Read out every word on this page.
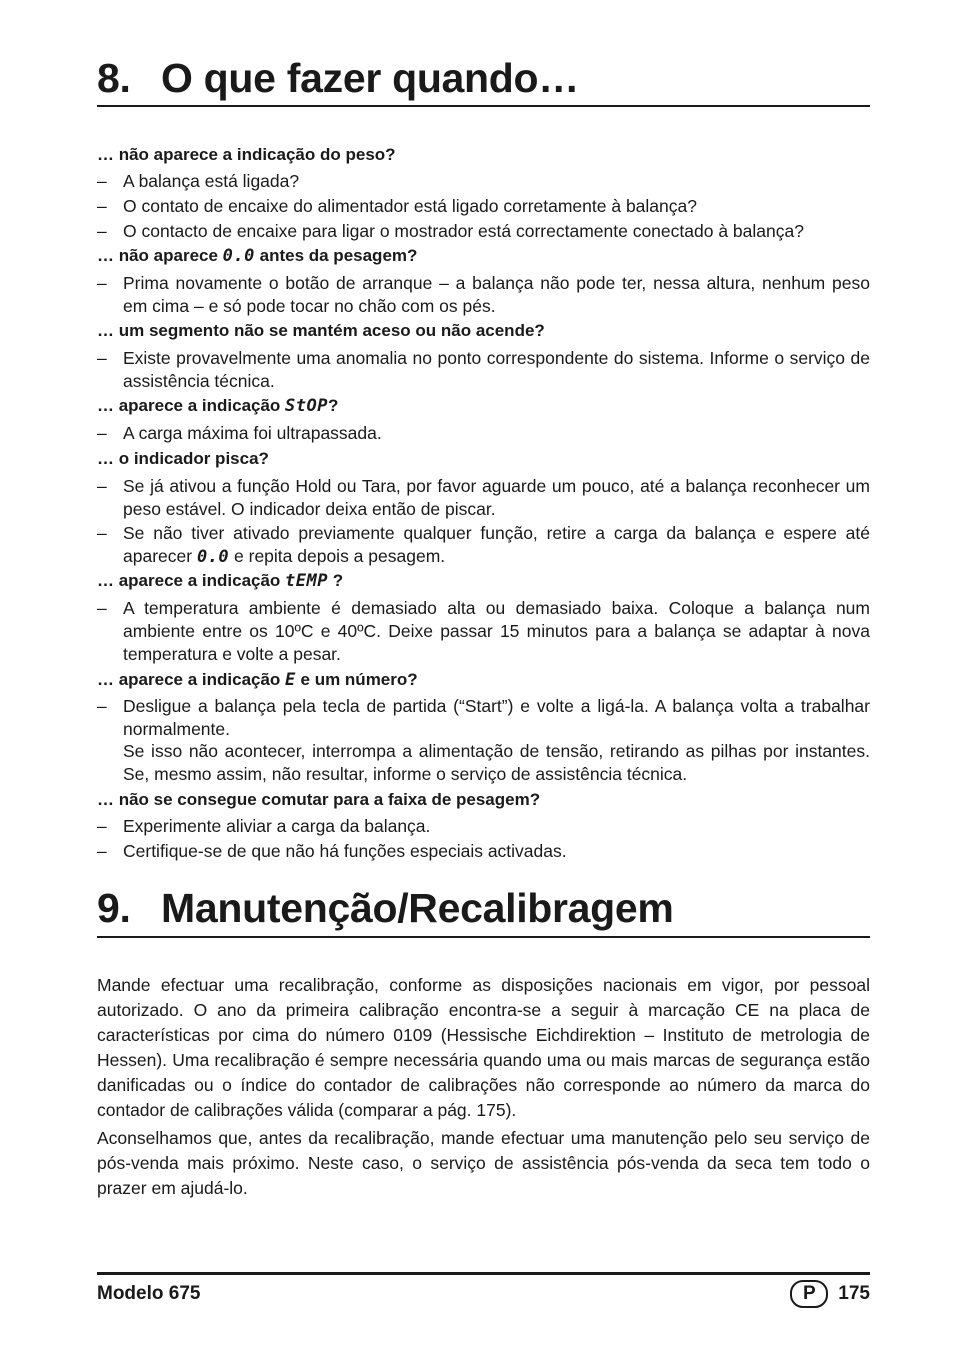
8. O que fazer quando…
… não aparece a indicação do peso?
– A balança está ligada?
– O contato de encaixe do alimentador está ligado corretamente à balança?
– O contacto de encaixe para ligar o mostrador está correctamente conectado à balança?
… não aparece 0.0 antes da pesagem?
– Prima novamente o botão de arranque – a balança não pode ter, nessa altura, nenhum peso em cima – e só pode tocar no chão com os pés.
… um segmento não se mantém aceso ou não acende?
– Existe provavelmente uma anomalia no ponto correspondente do sistema. Informe o serviço de assistência técnica.
… aparece a indicação StOP?
– A carga máxima foi ultrapassada.
… o indicador pisca?
– Se já ativou a função Hold ou Tara, por favor aguarde um pouco, até a balança reconhecer um peso estável. O indicador deixa então de piscar.
– Se não tiver ativado previamente qualquer função, retire a carga da balança e espere até aparecer 0.0 e repita depois a pesagem.
… aparece a indicação tEMP ?
– A temperatura ambiente é demasiado alta ou demasiado baixa. Coloque a balança num ambiente entre os 10ºC e 40ºC. Deixe passar 15 minutos para a balança se adaptar à nova temperatura e volte a pesar.
… aparece a indicação E e um número?
– Desligue a balança pela tecla de partida (“Start”) e volte a ligá-la. A balança volta a trabalhar normalmente.
Se isso não acontecer, interrompa a alimentação de tensão, retirando as pilhas por instantes. Se, mesmo assim, não resultar, informe o serviço de assistência técnica.
… não se consegue comutar para a faixa de pesagem?
– Experimente aliviar a carga da balança.
– Certifique-se de que não há funções especiais activadas.
9. Manutenção/Recalibragem
Mande efectuar uma recalibração, conforme as disposições nacionais em vigor, por pessoal autorizado. O ano da primeira calibração encontra-se a seguir à marcação CE na placa de características por cima do número 0109 (Hessische Eichdirektion – Instituto de metrologia de Hessen). Uma recalibração é sempre necessária quando uma ou mais marcas de segurança estão danificadas ou o índice do contador de calibrações não corresponde ao número da marca do contador de calibrações válida (comparar a pág. 175).
Aconselhamos que, antes da recalibração, mande efectuar uma manutenção pelo seu serviço de pós-venda mais próximo. Neste caso, o serviço de assistência pós-venda da seca tem todo o prazer em ajudá-lo.
Modelo 675	P	175
